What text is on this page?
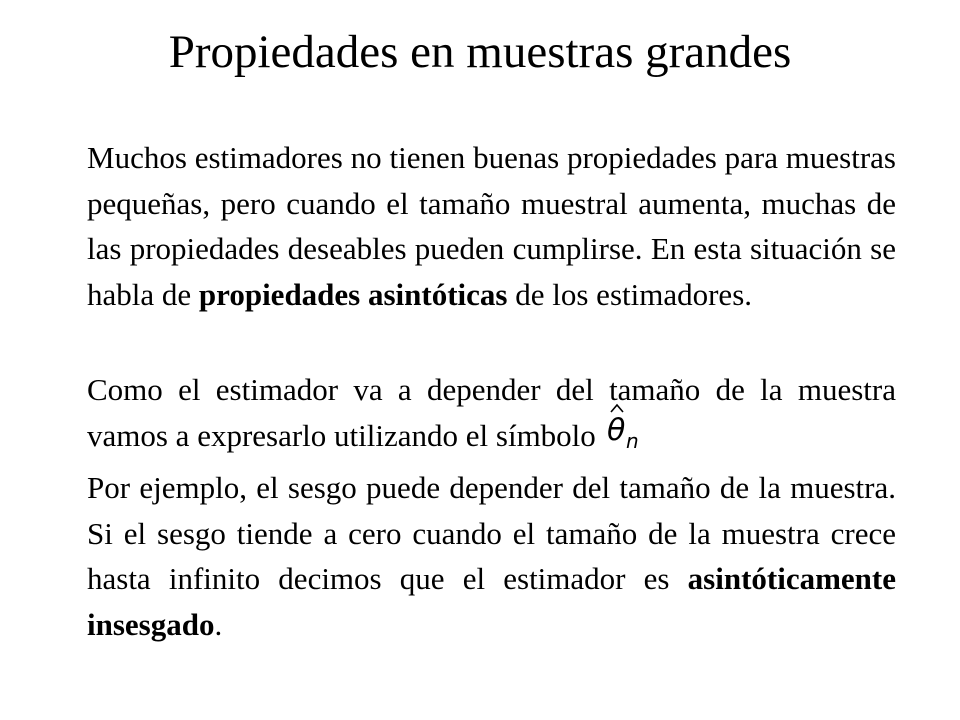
Propiedades en muestras grandes

Muchos estimadores no tienen buenas propiedades para muestras pequeñas, pero cuando el tamaño muestral aumenta, muchas de las propiedades deseables pueden cumplirse. En esta situación se habla de propiedades asintóticas de los estimadores.

Como el estimador va a depender del tamaño de la muestra vamos a expresarlo utilizando el símbolo θ n

Por ejemplo, el sesgo puede depender del tamaño de la muestra. Si el sesgo tiende a cero cuando el tamaño de la muestra crece hasta infinito decimos que el estimador es asintóticamente insesgado.
